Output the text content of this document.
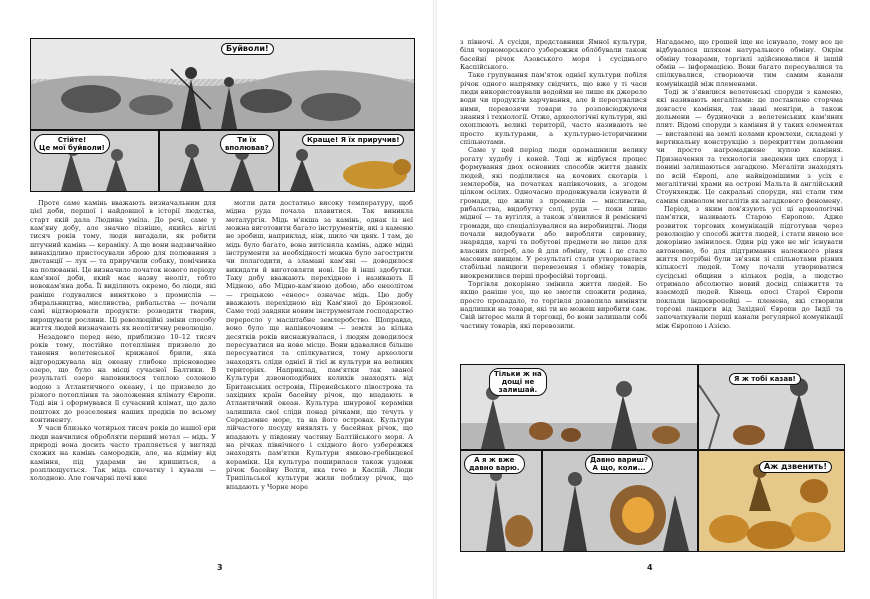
Буйволи!
Стійте!
Це мої буйволи!
Ти їх
вполював?
Краще! Я їх приручив!

Проте саме камінь вважають визначальним для цієї доби, першої і найдовшої в історії людства, старт якій дала Людина умі́ла. До речі, саме у кам'яну добу, але значно пізніше, якийсь вігілі тисяч років тому, люди вигадали, як робити штучний камінь — кераміку. А ще вони надзвичайно винахідливо пристосували зброю для полювання з дистанції — лук — та приручили собаку, помічника на полюванні. Це визначило початок нового періоду кам'яної доби, який має назву неоліт, тобто новокам'яна доба. Її виділяють окремо, бо люди, які раніше годувалися винятково з промислів — збиральництва, мисливства, рибальства — почали самі відтворювати продукти: розводити тварин, вирощувати рослини. Ці революційні зміни способу життя людей визначають як неолітичну революцію.

Незадовго перед нею, приблизно 10–12 тисяч років тому, постійне потепління призвело до танення велетенської крижаної брили, яка відгороджувала від океану глибоке прісноводне озеро, що було на місці сучасної Балтики. В результаті озеро наповнилося теплою солоною водою з Атлантичного океану, і це призвело до різкого потепління та зволоження клімату Європи. Тоді він і сформувався її сучасний клімат, що дало поштовх до розселення наших предків по всьому континенту.

У часи близько чотирьох тисяч років до нашої ери люди навчилися обробляти перший метал — мідь. У природі вона досить часто трапляється у вигляді схожих на камінь самородків, але, на відміну від каміння, під ударами не кришиться, а розплющується. Так мідь спочатку і кували — холодною. Але гончарні печі вже

могли дати достатньо високу температуру, щоб мідна руда почала плавитися. Так виникла металургія. Мідь м'якша за камінь, однак із неї можна виготовити багато інструментів, які з каменю не зробиш, наприклад, ніж, шило чи цвях. І там, де мідь було багато, вона витісняла камінь, адже мідні інструменти за необхідності можна було загострити чи полагодити, а зламані кам'яні — доводилося викидати й виготовляти нові. Це й інші здобутки. Таку добу вважають перехідною і називають її Мідною, або Мідно-кам'яною добою, або енеолітом — грецькою «енеос» означає мідь. Цю добу вважають перехідною від Кам'яної до Бронзової. Саме тоді завдяки новим інструментам господарство переросло у масштабне землеробство. Щоправда, воно було ще напівкочовим — земля за кілька десятків років виснажувалася, і людям доводилося пересуватися на нове місце. Вони вдавалися більше пересуватися та спілкуватися, тому археологи знаходять сліди однієї й тієї ж культури на великих територіях. Наприклад, пам'ятки так званої Культури дзвоноподібних келихів знаходять від Британських островів, Піренейського півострова та західних країн басейну річок, що впадають в Атлантичний океан. Культура шнурової кераміки залишила свої сліди понад річками, що течуть у Середземне море, та на його островах. Культури лійчастого посуду виявлять у басейнах річок, що впадають у південну частину Балтійського моря. А на річках північного і східного його узбережжя знаходять пам'ятки Культури ямково-гребінцевої кераміки. Ця культура поширилася також уздовж річок басейну Волги, яка тече в Каспій. Люди Трипільської культури жили поблизу річок, що впадають у Чорне море

3

з півночі. А сусіди, представники Ямної культури, біля чорноморського узбережжя обло́бували також басейні річок Азовського моря і сусіднього Каспійського.

Таке групування пам'яток однієї культури побіля річок одного напрямку свідчить, що вже у ті часи люди використовували водойми не лише як джерело води чи продуктів харчування, але й пересувалися ними, перевозячи товари та розповсюджуючи знання і технології. Отже, археологічні культури, які охоплюють великі території, часто називають не просто культурами, а культурно-історичними спільнотами.

Саме у цей період люди одомашнили велику рогату худобу і коней. Тоді ж відбувся процес формування двох основних способів життя давніх людей, які поділилися на кочових скотарів і землеробів, на початках напівкочових, а згодом цілком осілих. Одночасно продовжували існувати й громади, що жили з промислів — мисливства, рибальства, видобутку солі, руди — поки лише мідної — та вугілля, а також з'явилися й ремісничі громади, що спеціалізувалися на виробництві. Люди почали видобувати або виробляти сировину, знаряддя, харчі та побутові предмети не лише для власних потреб, але й для обміну, тож і це стало масовим явищем. У результаті стали утворюватися стабільні ланцюги перевезення і обміну товарів, виокремилися перші професійні торговці.

Торгівля докорінно змінила життя людей. Бо якщо раніше усе, що не змогли спожити родина, просто пропадало, то торгівля дозволила виміняти надлишки на товари, які ти не можеш виробити сам. Свій інтерес мали й торговці, бо вони залишали собі частину товарів, які перевозили.

Нагадаємо, що грошей іще не існувало, тому все це відбувалося шляхом натурального обміну. Окрім обміну товарами, торгівлі здійснювалися й іншій обмін — інформацією. Вони багато пересувалися та спілкувалися, створюючи тим самим канали комунікацій між племенами.

Тоді ж з'явилися велетенські споруди з каменю, які називають мегалітами: це поставлене сторчма довгасте каміння, так звані менгіри, а також дольмени — будиночки з велетенських кам'яних плит. Відомі споруди з каміння й у таких елементах — виставлені на землі колами кромлехи, складені у вертикальну конструкцію з перекриттям дольмени чи просто нагромаджене купою каміння. Призначення та технологія зведення цих споруд і понині залишаються загадкою. Мегаліти знаходять по всій Європі, але найвідомішими з усіх є мегалітичні храми на острові Мальта й англійський Стоунхендж. Це сакральні споруди, які стали тим самим символом мегалітів як загадкового феномену.

Період, з яким пов'язують усі ці археологічні пам'ятки, називають Старою Європою. Адже розвиток торгових комунікацій підготував через революцію у способі життя людей, і стати явною все докорінно змінилося. Один рід уже не міг існувати автономно, бо для підтримання належного рівня життя потрібні були зв'язки зі спільнотами різних кількості людей. Тому почали утворюватися сусідські общини з кількох родів, а людство отримало абсолютно новий досвід співжиття та взаємодії людей. Кінець епосі Старої Європи поклали індоєвропейці — племена, які створили торгові ланцюги від Західної Європи до Індії та започаткували перші канали регулярної комунікації між Європою і Азією.

Тільки ж на
дощі не
залишай.
Я ж тобі казав!
А я ж вже
давно варю.
Давно вариш?
А що, коли...	Аж дзвенить!
4
